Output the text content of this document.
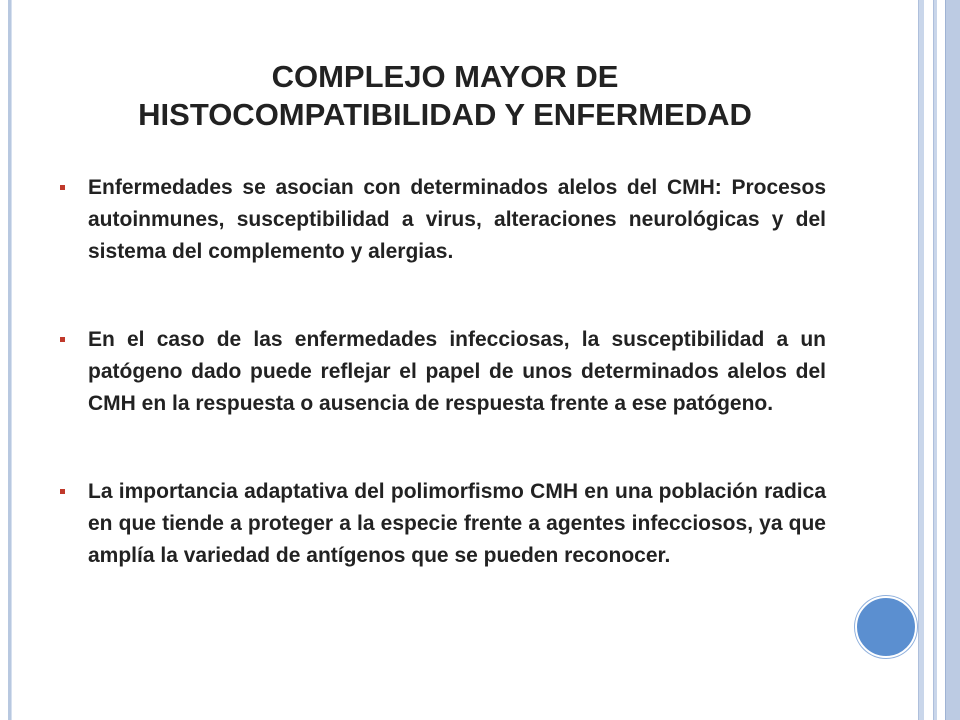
COMPLEJO MAYOR DE
HISTOCOMPATIBILIDAD Y ENFERMEDAD
Enfermedades se asocian con determinados alelos del CMH: Procesos autoinmunes, susceptibilidad a virus, alteraciones neurológicas y del sistema del complemento y alergias.
En el caso de las enfermedades infecciosas, la susceptibilidad a un patógeno dado puede reflejar el papel de unos determinados alelos del CMH en la respuesta o ausencia de respuesta frente a ese patógeno.
La importancia adaptativa del polimorfismo CMH en una población radica en que tiende a proteger a la especie frente a agentes infecciosos, ya que amplía la variedad de antígenos que se pueden reconocer.
